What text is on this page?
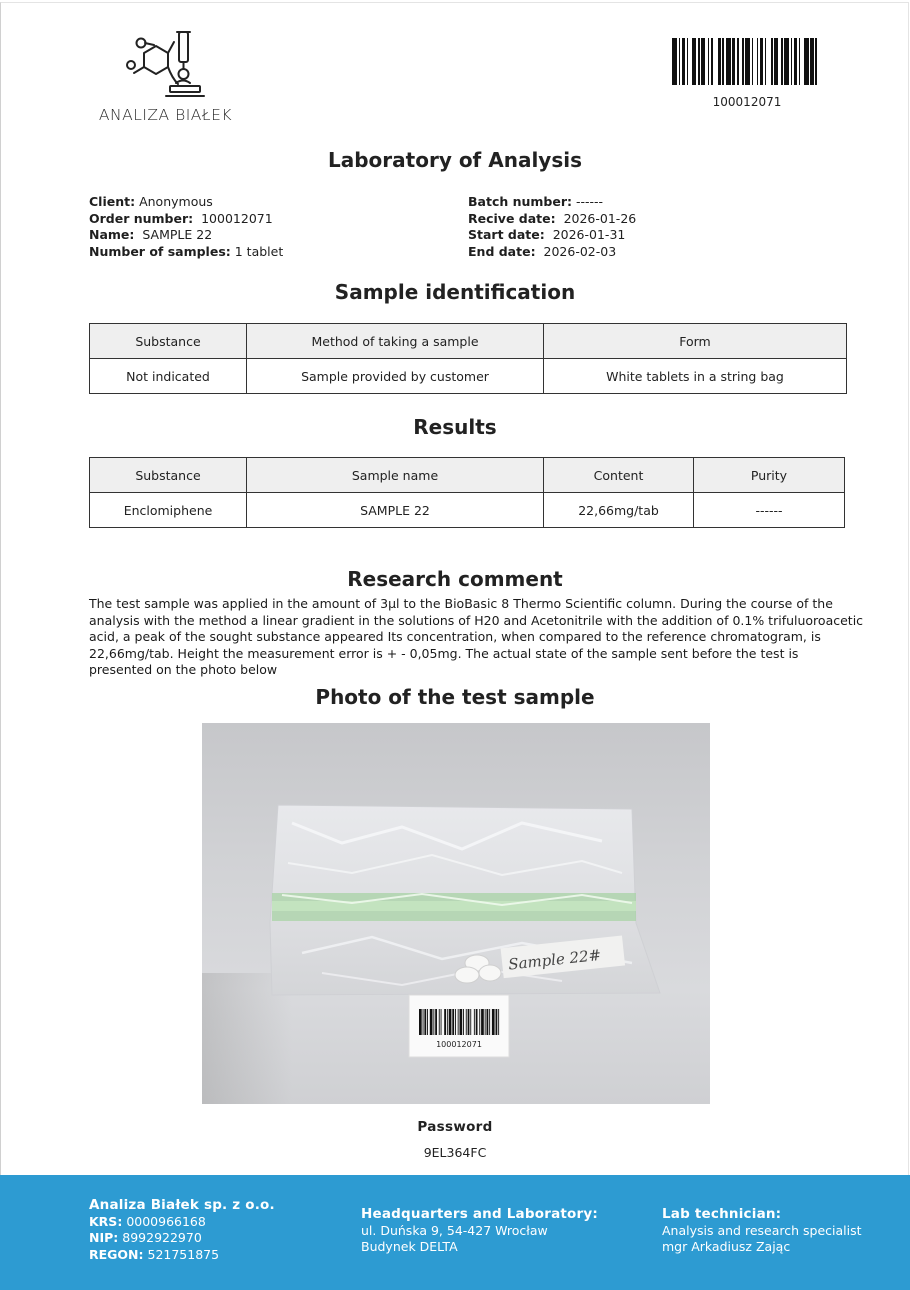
ANALIZA BIAŁEK
100012071
Laboratory of Analysis
Client: Anonymous
Order number: 100012071
Name: SAMPLE 22
Number of samples: 1 tablet
Batch number: ------
Recive date: 2026-01-26
Start date: 2026-01-31
End date: 2026-02-03
Sample identification
Substance	Method of taking a sample	Form
Not indicated	Sample provided by customer	White tablets in a string bag
Results
Substance	Sample name	Content	Purity
Enclomiphene	SAMPLE 22	22,66mg/tab	------
Research comment
The test sample was applied in the amount of 3µl to the BioBasic 8 Thermo Scientific column. During the course of the analysis with the method a linear gradient in the solutions of H20 and Acetonitrile with the addition of 0.1% trifuluoroacetic acid, a peak of the sought substance appeared Its concentration, when compared to the reference chromatogram, is 22,66mg/tab. Height the measurement error is + - 0,05mg. The actual state of the sample sent before the test is presented on the photo below
Photo of the test sample
Sample 22#
100012071
Password
9EL364FC
Analiza Białek sp. z o.o.
KRS: 0000966168
NIP: 8992922970
REGON: 521751875
Headquarters and Laboratory:
ul. Duńska 9, 54-427 Wrocław
Budynek DELTA
Lab technician:
Analysis and research specialist
mgr Arkadiusz Zając
